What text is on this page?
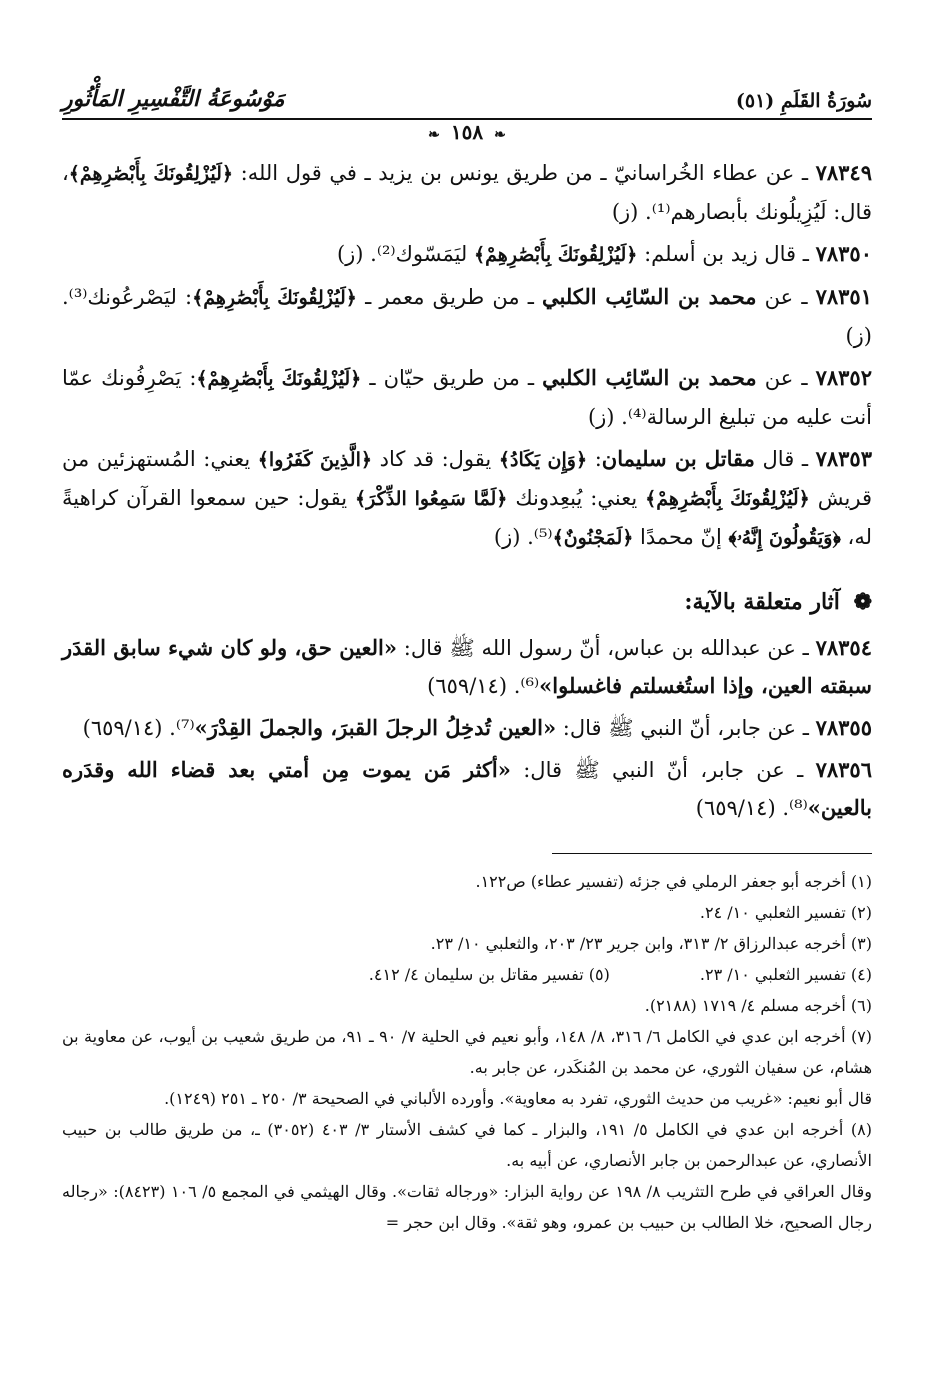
سُورَةُ القَلَمِ (٥١)
مَوْسُوعَةُ التَّفْسِيرِ المَأْثُورِ
❧ ١٥٨ ❧

٧٨٣٤٩ ـ عن عطاء الخُراسانيّ ـ من طريق يونس بن يزيد ـ في قول الله: ﴿لَيُزْلِقُونَكَ بِأَبْصَٰرِهِمْ﴾، قال: لَيُزِيلُونك بأبصارهم⁽¹⁾. (ز)

٧٨٣٥٠ ـ قال زيد بن أسلم: ﴿لَيُزْلِقُونَكَ بِأَبْصَٰرِهِمْ﴾ ليَمَسّوك⁽²⁾. (ز)

٧٨٣٥١ ـ عن محمد بن السّائِب الكلبي ـ من طريق معمر ـ ﴿لَيُزْلِقُونَكَ بِأَبْصَٰرِهِمْ﴾: ليَصْرعُونك⁽³⁾. (ز)

٧٨٣٥٢ ـ عن محمد بن السّائِب الكلبي ـ من طريق حيّان ـ ﴿لَيُزْلِقُونَكَ بِأَبْصَٰرِهِمْ﴾: يَصْرِفُونك عمّا أنت عليه من تبليغ الرسالة⁽⁴⁾. (ز)

٧٨٣٥٣ ـ قال مقاتل بن سليمان: ﴿وَإِن يَكَادُ﴾ يقول: قد كاد ﴿الَّذِينَ كَفَرُوا﴾ يعني: المُستهزئين من قريش ﴿لَيُزْلِقُونَكَ بِأَبْصَٰرِهِمْ﴾ يعني: يُبعِدونك ﴿لَمَّا سَمِعُوا الذِّكْرَ﴾ يقول: حين سمعوا القرآن كراهيةً له، ﴿وَيَقُولُونَ إِنَّهُۥ﴾ إنّ محمدًا ﴿لَمَجْنُونٌ﴾⁽⁵⁾. (ز)

❁ آثار متعلقة بالآية:

٧٨٣٥٤ ـ عن عبدالله بن عباس، أنّ رسول الله ﷺ قال: «العين حق، ولو كان شيء سابق القدَر سبقته العين، وإذا استُغسلتم فاغسلوا»⁽⁶⁾. (٦٥٩/١٤)

٧٨٣٥٥ ـ عن جابر، أنّ النبي ﷺ قال: «العين تُدخِلُ الرجلَ القبرَ، والجملَ القِدْرَ»⁽⁷⁾. (٦٥٩/١٤)

٧٨٣٥٦ ـ عن جابر، أنّ النبي ﷺ قال: «أكثر مَن يموت مِن أمتي بعد قضاء الله وقدَره بالعين»⁽⁸⁾. (٦٥٩/١٤)

(١) أخرجه أبو جعفر الرملي في جزئه (تفسير عطاء) ص١٢٢.

(٢) تفسير الثعلبي ١٠/ ٢٤.

(٣) أخرجه عبدالرزاق ٢/ ٣١٣، وابن جرير ٢٣/ ٢٠٣، والثعلبي ١٠/ ٢٣.

(٤) تفسير الثعلبي ١٠/ ٢٣.
(٥) تفسير مقاتل بن سليمان ٤/ ٤١٢.

(٦) أخرجه مسلم ٤/ ١٧١٩ (٢١٨٨).

(٧) أخرجه ابن عدي في الكامل ٦/ ٣١٦، ٨/ ١٤٨، وأبو نعيم في الحلية ٧/ ٩٠ ـ ٩١، من طريق شعيب بن أيوب، عن معاوية بن هشام، عن سفيان الثوري، عن محمد بن المُنكَدر، عن جابر به.

قال أبو نعيم: «غريب من حديث الثوري، تفرد به معاوية». وأورده الألباني في الصحيحة ٣/ ٢٥٠ ـ ٢٥١ (١٢٤٩).

(٨) أخرجه ابن عدي في الكامل ٥/ ١٩١، والبزار ـ كما في كشف الأستار ٣/ ٤٠٣ (٣٠٥٢) ـ، من طريق طالب بن حبيب الأنصاري، عن عبدالرحمن بن جابر الأنصاري، عن أبيه به.

وقال العراقي في طرح التثريب ٨/ ١٩٨ عن رواية البزار: «ورجاله ثقات». وقال الهيثمي في المجمع ٥/ ١٠٦ (٨٤٢٣): «رجاله رجال الصحيح، خلا الطالب بن حبيب بن عمرو، وهو ثقة». وقال ابن حجر =
